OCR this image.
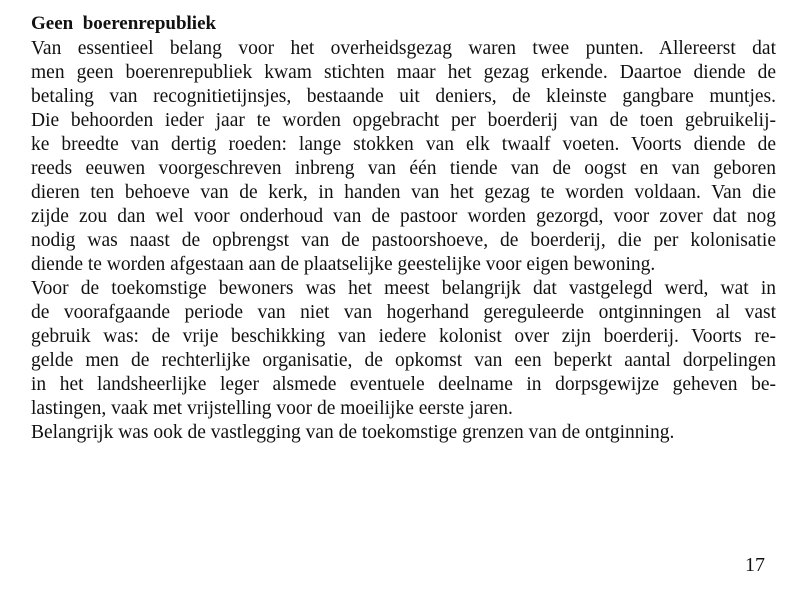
Geen  boerenrepubliek

Van essentieel belang voor het overheidsgezag waren twee punten. Allereerst dat

men geen boerenrepubliek kwam stichten maar het gezag erkende. Daartoe diende de

betaling van recognitietijnsjes, bestaande uit deniers, de kleinste gangbare muntjes.

Die behoorden ieder jaar te worden opgebracht per boerderij van de toen gebruikelij-

ke breedte van dertig roeden: lange stokken van elk twaalf voeten. Voorts diende de

reeds eeuwen voorgeschreven inbreng van één tiende van de oogst en van geboren

dieren ten behoeve van de kerk, in handen van het gezag te worden voldaan. Van die

zijde zou dan wel voor onderhoud van de pastoor worden gezorgd, voor zover dat nog

nodig was naast de opbrengst van de pastoorshoeve, de boerderij, die per kolonisatie

diende te worden afgestaan aan de plaatselijke geestelijke voor eigen bewoning.

Voor de toekomstige bewoners was het meest belangrijk dat vastgelegd werd, wat in

de voorafgaande periode van niet van hogerhand gereguleerde ontginningen al vast

gebruik was: de vrije beschikking van iedere kolonist over zijn boerderij. Voorts re-

gelde men de rechterlijke organisatie, de opkomst van een beperkt aantal dorpelingen

in het landsheerlijke leger alsmede eventuele deelname in dorpsgewijze geheven be-

lastingen, vaak met vrijstelling voor de moeilijke eerste jaren.

Belangrijk was ook de vastlegging van de toekomstige grenzen van de ontginning.

17
